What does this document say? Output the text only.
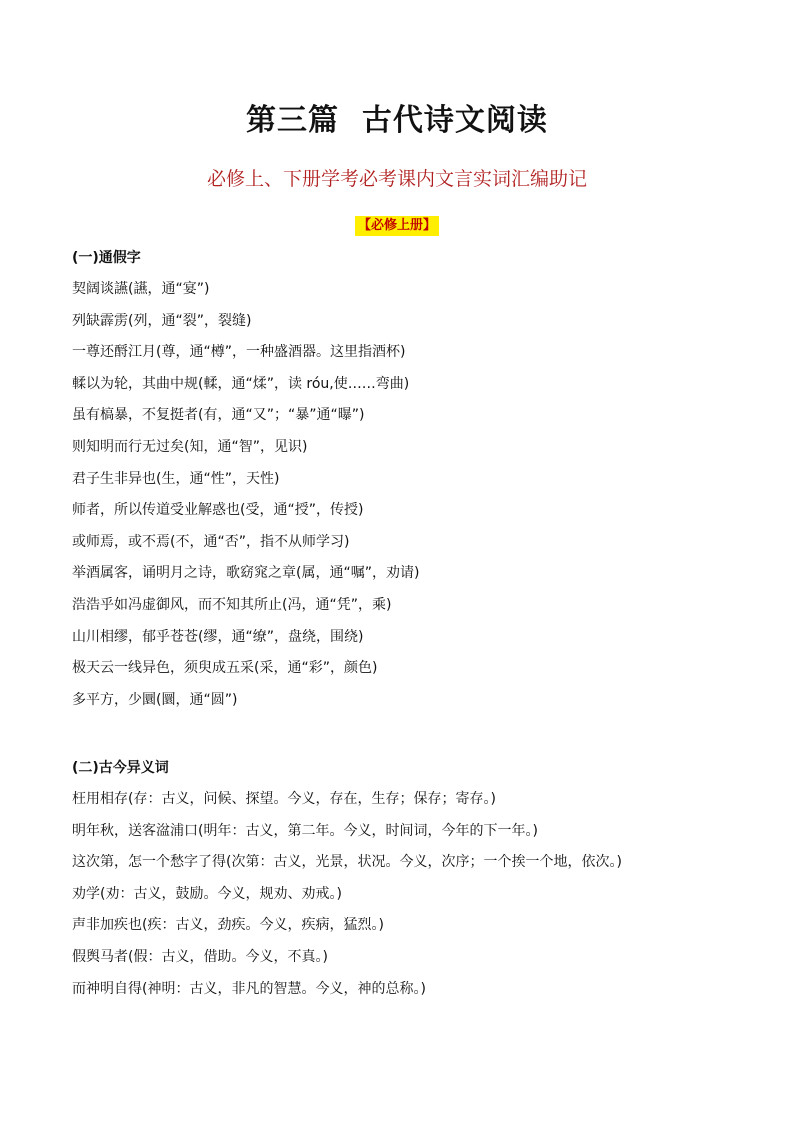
第三篇  古代诗文阅读
必修上、下册学考必考课内文言实词汇编助记
【必修上册】
(一)通假字
契阔谈讌(讌，通“宴”)
列缺霹雳(列，通“裂”，裂缝)
一尊还酹江月(尊，通“樽”，一种盛酒器。这里指酒杯)
輮以为轮，其曲中规(輮，通“煣”，读 róu,使……弯曲)
虽有槁暴，不复挺者(有，通“又”；“暴”通“曝”)
则知明而行无过矣(知，通“智”，见识)
君子生非异也(生，通“性”，天性)
师者，所以传道受业解惑也(受，通“授”，传授)
或师焉，或不焉(不，通“否”，指不从师学习)
举酒属客，诵明月之诗，歌窈窕之章(属，通“嘱”，劝请)
浩浩乎如冯虚御风，而不知其所止(冯，通“凭”，乘)
山川相缪，郁乎苍苍(缪，通“缭”，盘绕，围绕)
极天云一线异色，须臾成五采(采，通“彩”，颜色)
多平方，少圜(圜，通“圆”)
(二)古今异义词
枉用相存(存：古义，问候、探望。今义，存在，生存；保存；寄存。)
明年秋，送客湓浦口(明年：古义，第二年。今义，时间词，今年的下一年。)
这次第，怎一个愁字了得(次第：古义，光景，状况。今义，次序；一个挨一个地，依次。)
劝学(劝：古义，鼓励。今义，规劝、劝戒。)
声非加疾也(疾：古义，劲疾。今义，疾病，猛烈。)
假舆马者(假：古义，借助。今义，不真。)
而神明自得(神明：古义，非凡的智慧。今义，神的总称。)
